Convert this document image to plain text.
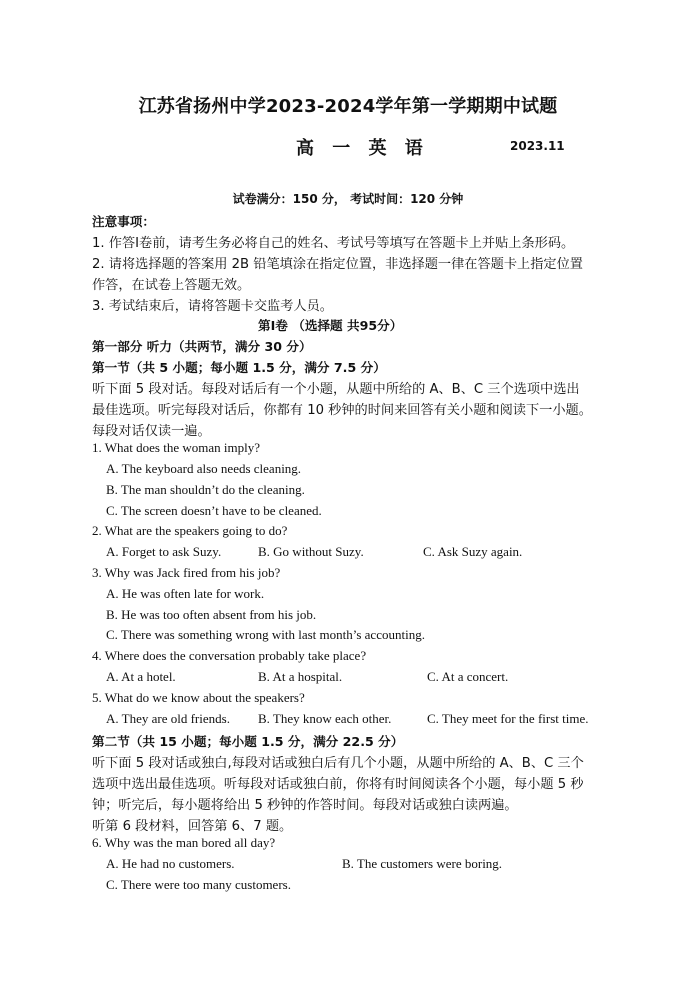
江苏省扬州中学2023-2024学年第一学期期中试题
高 一 英 语	2023.11
试卷满分：150 分， 考试时间：120 分钟
注意事项：
1. 作答Ⅰ卷前，请考生务必将自己的姓名、考试号等填写在答题卡上并贴上条形码。
2. 请将选择题的答案用 2B 铅笔填涂在指定位置，非选择题一律在答题卡上指定位置
作答，在试卷上答题无效。
3. 考试结束后，请将答题卡交监考人员。
第Ⅰ卷 （选择题 共95分）
第一部分 听力（共两节，满分 30 分）
第一节（共 5 小题；每小题 1.5 分，满分 7.5 分）
听下面 5 段对话。每段对话后有一个小题，从题中所给的 A、B、C 三个选项中选出
最佳选项。听完每段对话后，你都有 10 秒钟的时间来回答有关小题和阅读下一小题。
每段对话仅读一遍。
1. What does the woman imply?
A. The keyboard also needs cleaning.
B. The man shouldn’t do the cleaning.
C. The screen doesn’t have to be cleaned.
2. What are the speakers going to do?
A. Forget to ask Suzy.	B. Go without Suzy.	C. Ask Suzy again.
3. Why was Jack fired from his job?
A. He was often late for work.
B. He was too often absent from his job.
C. There was something wrong with last month’s accounting.
4. Where does the conversation probably take place?
A. At a hotel.	B. At a hospital.	C. At a concert.
5. What do we know about the speakers?
A. They are old friends. B. They know each other.	C. They meet for the first time.
第二节（共 15 小题；每小题 1.5 分，满分 22.5 分）
听下面 5 段对话或独白,每段对话或独白后有几个小题，从题中所给的 A、B、C 三个
选项中选出最佳选项。听每段对话或独白前，你将有时间阅读各个小题，每小题 5 秒
钟；听完后，每小题将给出 5 秒钟的作答时间。每段对话或独白读两遍。
听第 6 段材料，回答第 6、7 题。
6. Why was the man bored all day?
A. He had no customers.	B. The customers were boring.
C. There were too many customers.
